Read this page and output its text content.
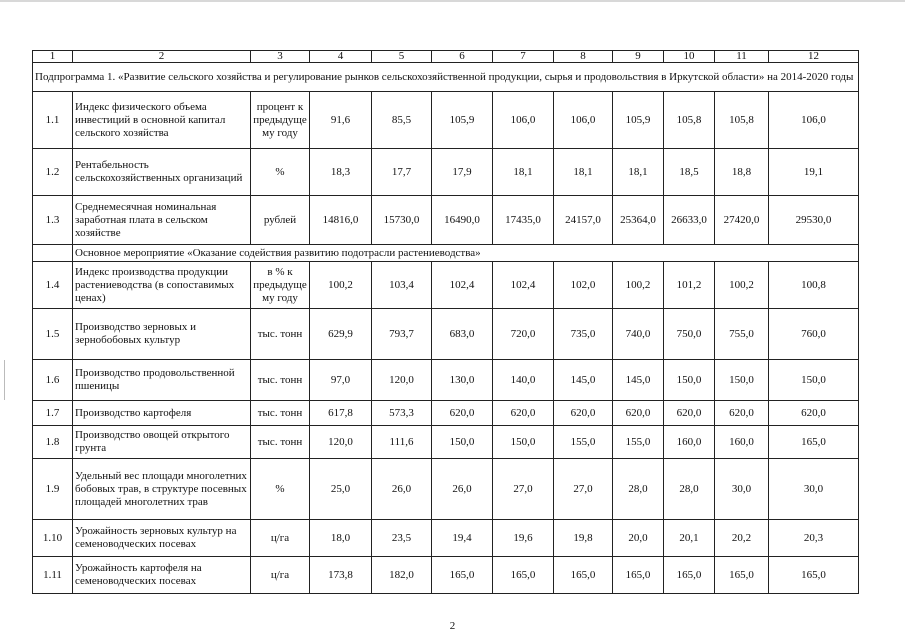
1	2	3	4	5	6	7	8	9	10	11	12
Подпрограмма 1. «Развитие сельского хозяйства и регулирование рынков сельскохозяйственной продукции, сырья и продовольствия в Иркутской области» на 2014-2020 годы											
1.1	Индекс физического объема инвестиций в основной капитал сельского хозяйства	процент к предыдуще му году	91,6	85,5	105,9	106,0	106,0	105,9	105,8	105,8	106,0
1.2	Рентабельность сельскохозяйственных организаций	%	18,3	17,7	17,9	18,1	18,1	18,1	18,5	18,8	19,1
1.3	Среднемесячная номинальная заработная плата в сельском хозяйстве	рублей	14816,0	15730,0	16490,0	17435,0	24157,0	25364,0	26633,0	27420,0	29530,0
	Основное мероприятие «Оказание содействия развитию подотрасли растениеводства»										
1.4	Индекс производства продукции растениеводства (в сопоставимых ценах)	в % к предыдуще му году	100,2	103,4	102,4	102,4	102,0	100,2	101,2	100,2	100,8
1.5	Производство зерновых и зернобобовых культур	тыс. тонн	629,9	793,7	683,0	720,0	735,0	740,0	750,0	755,0	760,0
1.6	Производство продовольственной пшеницы	тыс. тонн	97,0	120,0	130,0	140,0	145,0	145,0	150,0	150,0	150,0
1.7	Производство картофеля	тыс. тонн	617,8	573,3	620,0	620,0	620,0	620,0	620,0	620,0	620,0
1.8	Производство овощей открытого грунта	тыс. тонн	120,0	111,6	150,0	150,0	155,0	155,0	160,0	160,0	165,0
1.9	Удельный вес площади многолетних бобовых трав, в структуре посевных площадей многолетних трав	%	25,0	26,0	26,0	27,0	27,0	28,0	28,0	30,0	30,0
1.10	Урожайность зерновых культур на семеноводческих посевах	ц/га	18,0	23,5	19,4	19,6	19,8	20,0	20,1	20,2	20,3
1.11	Урожайность картофеля на семеноводческих посевах	ц/га	173,8	182,0	165,0	165,0	165,0	165,0	165,0	165,0	165,0
2
